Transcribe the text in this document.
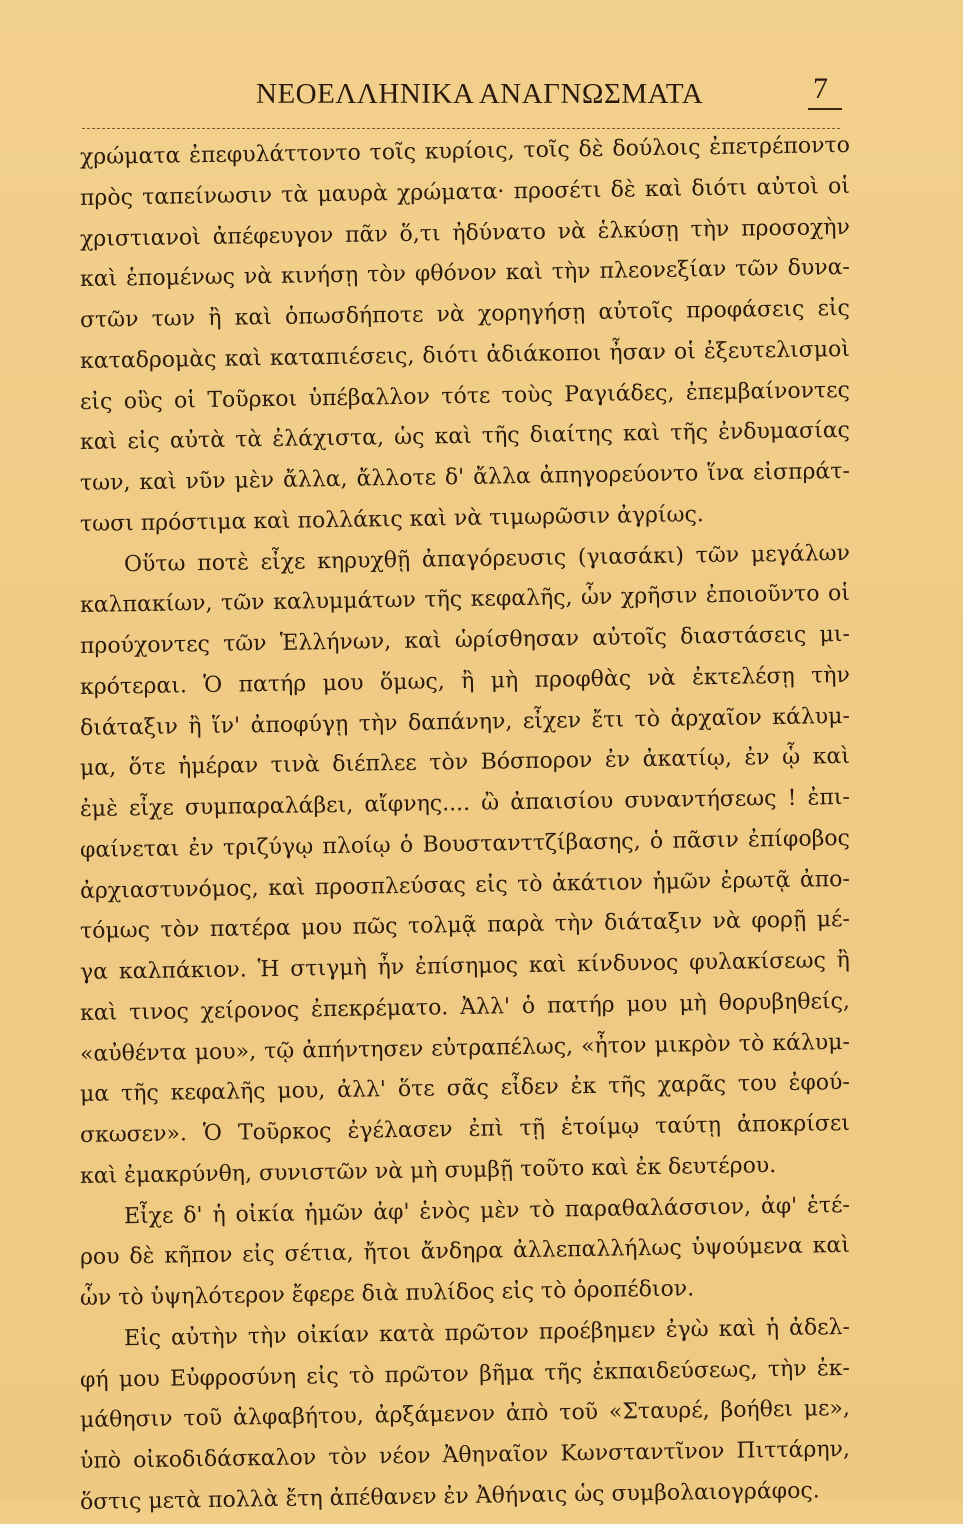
ΝΕΟΕΛΛΗΝΙΚΑ ΑΝΑΓΝΩΣΜΑΤΑ	7
χρώματα ἐπεφυλάττοντο τοῖς κυρίοις, τοῖς δὲ δούλοις ἐπετρέποντο
πρὸς ταπείνωσιν τὰ μαυρὰ χρώματα· προσέτι δὲ καὶ διότι αὐτοὶ οἱ
χριστιανοὶ ἀπέφευγον πᾶν ὅ,τι ἠδύνατο νὰ ἑλκύσῃ τὴν προσοχὴν
καὶ ἑπομένως νὰ κινήσῃ τὸν φθόνον καὶ τὴν πλεονεξίαν τῶν δυνα-
στῶν των ἢ καὶ ὁπωσδήποτε νὰ χορηγήσῃ αὐτοῖς προφάσεις εἰς
καταδρομὰς καὶ καταπιέσεις, διότι ἀδιάκοποι ἦσαν οἱ ἐξευτελισμοὶ
εἰς οὓς οἱ Τοῦρκοι ὑπέβαλλον τότε τοὺς Ραγιάδες, ἐπεμβαίνοντες
καὶ εἰς αὐτὰ τὰ ἐλάχιστα, ὡς καὶ τῆς διαίτης καὶ τῆς ἐνδυμασίας
των, καὶ νῦν μὲν ἄλλα, ἄλλοτε δ' ἄλλα ἀπηγορεύοντο ἵνα εἰσπράτ-
τωσι πρόστιμα καὶ πολλάκις καὶ νὰ τιμωρῶσιν ἀγρίως.
Οὕτω ποτὲ εἶχε κηρυχθῇ ἀπαγόρευσις (γιασάκι) τῶν μεγάλων
καλπακίων, τῶν καλυμμάτων τῆς κεφαλῆς, ὧν χρῆσιν ἐποιοῦντο οἱ
προύχοντες τῶν Ἑλλήνων, καὶ ὡρίσθησαν αὐτοῖς διαστάσεις μι-
κρότεραι. Ὁ πατήρ μου ὅμως, ἢ μὴ προφθὰς νὰ ἐκτελέσῃ τὴν
διάταξιν ἢ ἵν' ἀποφύγῃ τὴν δαπάνην, εἶχεν ἔτι τὸ ἀρχαῖον κάλυμ-
μα, ὅτε ἡμέραν τινὰ διέπλεε τὸν Βόσπορον ἐν ἀκατίῳ, ἐν ᾧ καὶ
ἐμὲ εἶχε συμπαραλάβει, αἴφνης.... ὢ ἀπαισίου συναντήσεως ! ἐπι-
φαίνεται ἐν τριζύγῳ πλοίῳ ὁ Βουστανττζίβασης, ὁ πᾶσιν ἐπίφοβος
ἀρχιαστυνόμος, καὶ προσπλεύσας εἰς τὸ ἀκάτιον ἡμῶν ἐρωτᾷ ἀπο-
τόμως τὸν πατέρα μου πῶς τολμᾷ παρὰ τὴν διάταξιν νὰ φορῇ μέ-
γα καλπάκιον. Ἡ στιγμὴ ἦν ἐπίσημος καὶ κίνδυνος φυλακίσεως ἢ
καὶ τινος χείρονος ἐπεκρέματο. Ἀλλ' ὁ πατήρ μου μὴ θορυβηθείς,
«αὐθέντα μου», τῷ ἀπήντησεν εὐτραπέλως, «ἦτον μικρὸν τὸ κάλυμ-
μα τῆς κεφαλῆς μου, ἀλλ' ὅτε σᾶς εἶδεν ἐκ τῆς χαρᾶς του ἐφού-
σκωσεν». Ὁ Τοῦρκος ἐγέλασεν ἐπὶ τῇ ἑτοίμῳ ταύτῃ ἀποκρίσει
καὶ ἐμακρύνθη, συνιστῶν νὰ μὴ συμβῇ τοῦτο καὶ ἐκ δευτέρου.
Εἶχε δ' ἡ οἰκία ἡμῶν ἀφ' ἑνὸς μὲν τὸ παραθαλάσσιον, ἀφ' ἑτέ-
ρου δὲ κῆπον εἰς σέτια, ἤτοι ἄνδηρα ἀλλεπαλλήλως ὑψούμενα καὶ
ὧν τὸ ὑψηλότερον ἔφερε διὰ πυλίδος εἰς τὸ ὀροπέδιον.
Εἰς αὐτὴν τὴν οἰκίαν κατὰ πρῶτον προέβημεν ἐγὼ καὶ ἡ ἀδελ-
φή μου Εὐφροσύνη εἰς τὸ πρῶτον βῆμα τῆς ἐκπαιδεύσεως, τὴν ἐκ-
μάθησιν τοῦ ἀλφαβήτου, ἀρξάμενον ἀπὸ τοῦ «Σταυρέ, βοήθει με»,
ὑπὸ οἰκοδιδάσκαλον τὸν νέον Ἀθηναῖον Κωνσταντῖνον Πιττάρην,
ὅστις μετὰ πολλὰ ἔτη ἀπέθανεν ἐν Ἀθήναις ὡς συμβολαιογράφος.
